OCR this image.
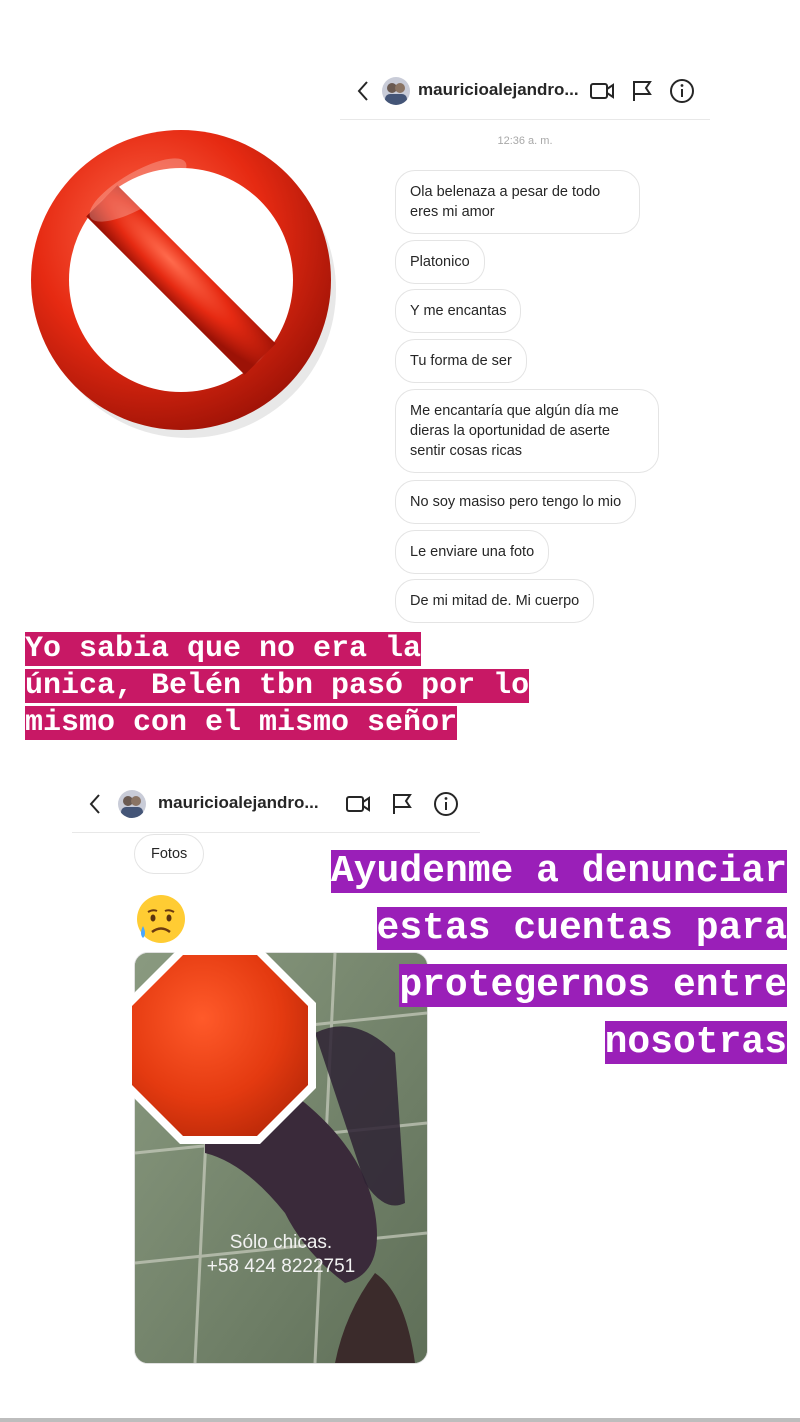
mauricioalejandro...
12:36 a. m.
Ola belenaza a pesar de todo eres mi amor
Platonico
Y me encantas
Tu forma de ser
Me encantaría que algún día me dieras la oportunidad de aserte sentir cosas ricas
No soy masiso pero tengo lo mio
Le enviare una foto
De mi mitad de. Mi cuerpo
Yo sabia que no era la única, Belén tbn pasó por lo mismo con el mismo señor
mauricioalejandro...
Fotos
Sólo chicas.
+58 424 8222751
Ayudenme a denunciar estas cuentas para protegernos entre nosotras
